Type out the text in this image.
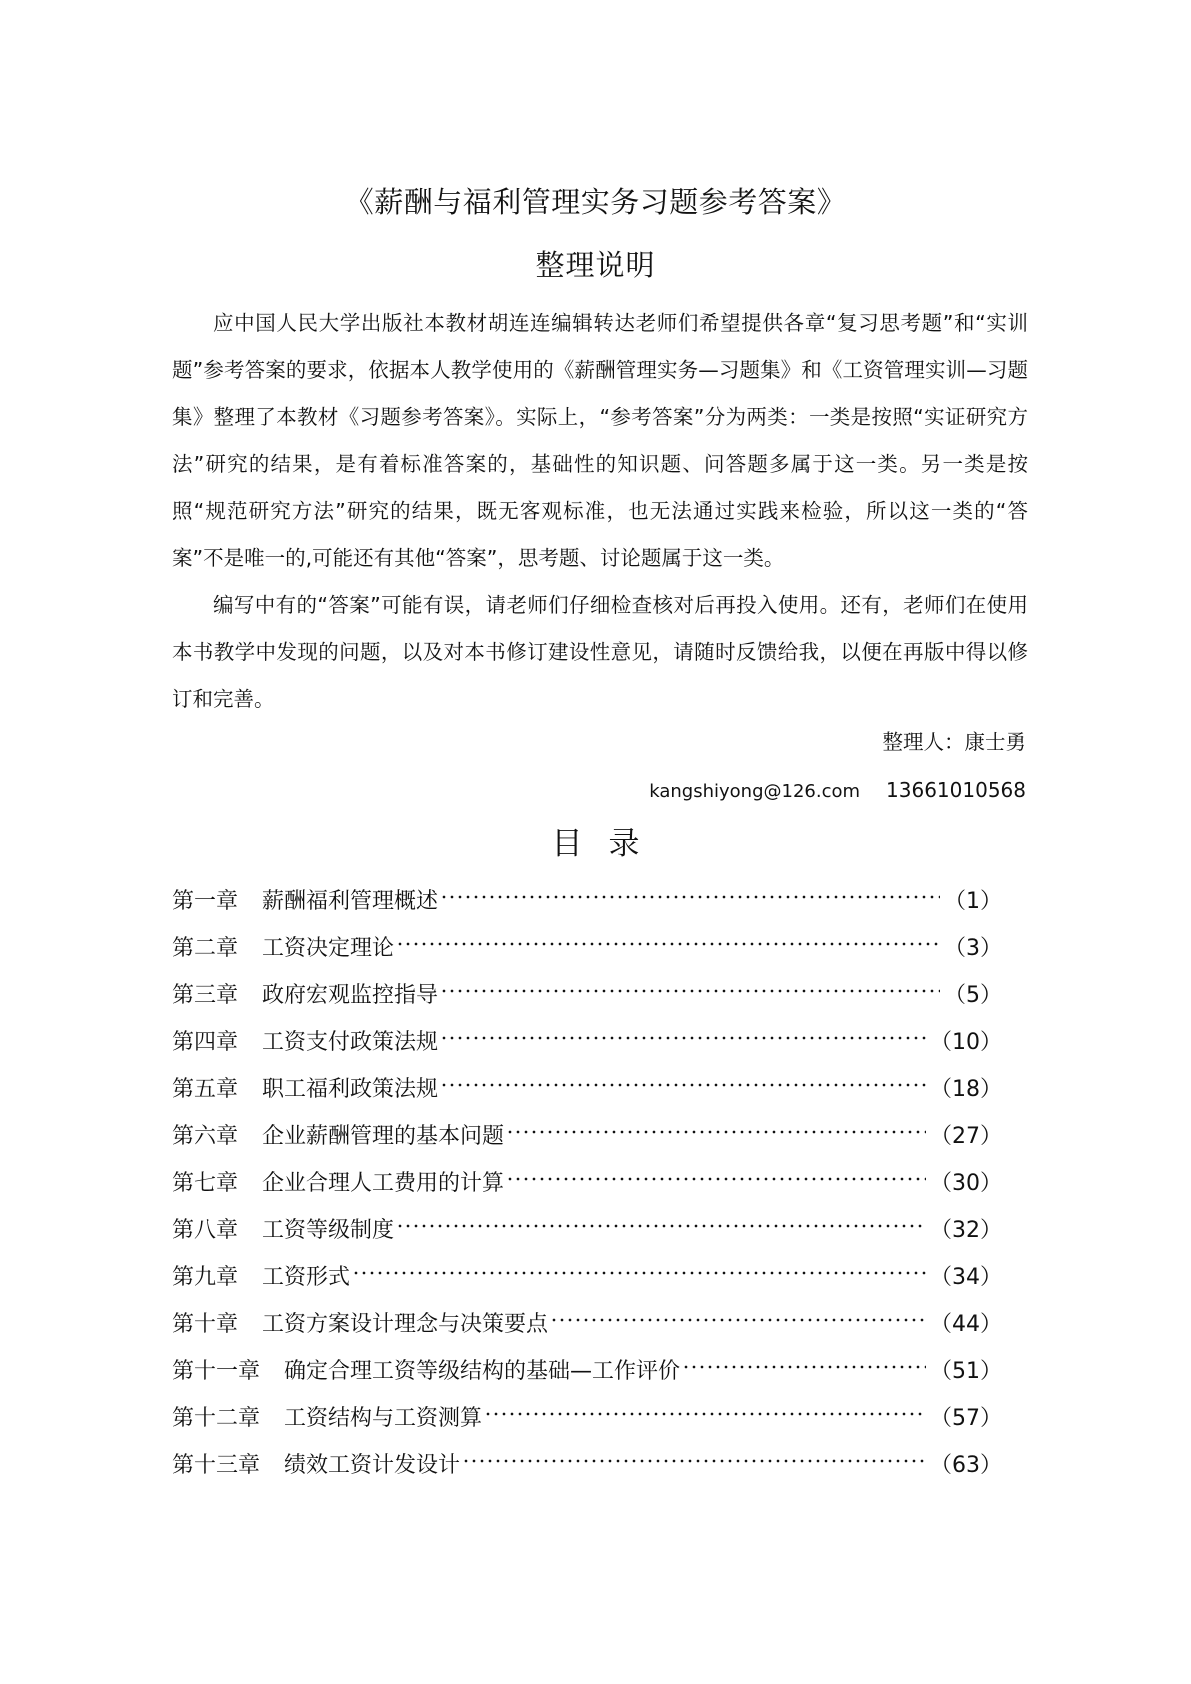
《薪酬与福利管理实务习题参考答案》
整理说明

应中国人民大学出版社本教材胡连连编辑转达老师们希望提供各章“复习思考题”和“实训题”参考答案的要求，依据本人教学使用的《薪酬管理实务—习题集》和《工资管理实训—习题集》整理了本教材《习题参考答案》。实际上，“参考答案”分为两类：一类是按照“实证研究方法”研究的结果，是有着标准答案的，基础性的知识题、问答题多属于这一类。另一类是按照“规范研究方法”研究的结果，既无客观标准，也无法通过实践来检验，所以这一类的“答案”不是唯一的,可能还有其他“答案”，思考题、讨论题属于这一类。

编写中有的“答案”可能有误，请老师们仔细检查核对后再投入使用。还有，老师们在使用本书教学中发现的问题，以及对本书修订建设性意见，请随时反馈给我，以便在再版中得以修订和完善。

整理人：康士勇
kangshiyong@126.com 13661010568
目录
第一章 薪酬福利管理概述	（1）
第二章 工资决定理论	（3）
第三章 政府宏观监控指导	（5）
第四章 工资支付政策法规	（10）
第五章 职工福利政策法规	（18）
第六章 企业薪酬管理的基本问题	（27）
第七章 企业合理人工费用的计算	（30）
第八章 工资等级制度	（32）
第九章 工资形式	（34）
第十章 工资方案设计理念与决策要点	（44）
第十一章 确定合理工资等级结构的基础—工作评价	（51）
第十二章 工资结构与工资测算	（57）
第十三章 绩效工资计发设计	（63）
